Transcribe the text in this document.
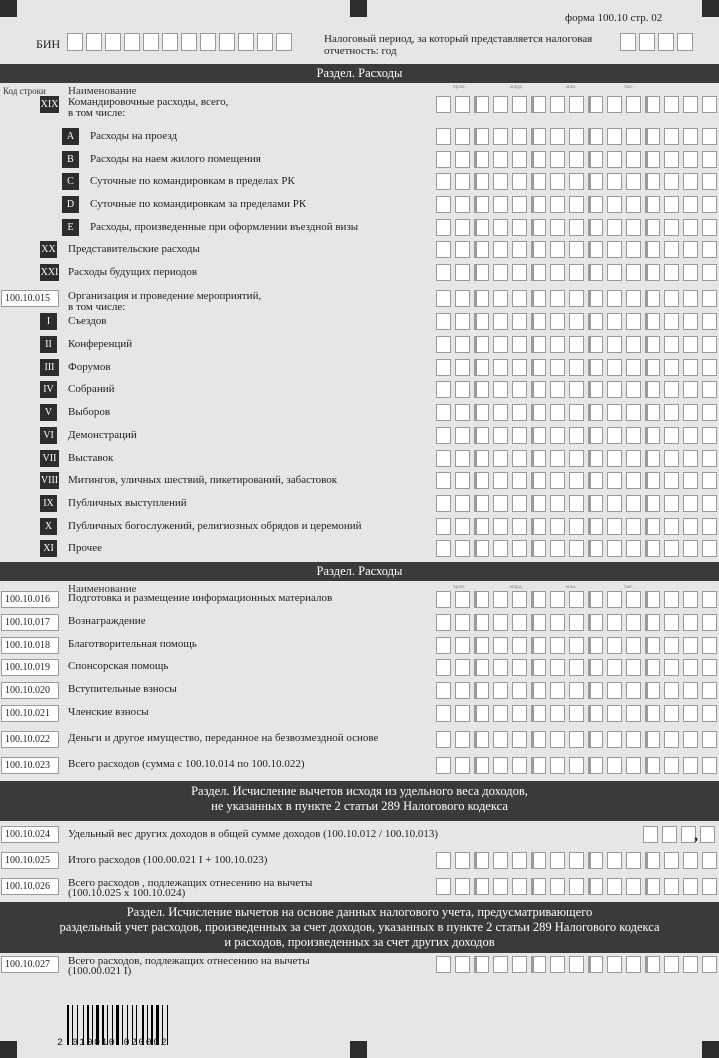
форма 100.10 стр. 02
БИН	Налоговый период, за который представляется налоговая
отчетность: год
Раздел. Расходы
Код строки Наименование	трлн.	млрд.	млн.	тыс.
XIX Командировочные расходы, всего,
в том числе:
A	Расходы на проезд
B	Расходы на наем жилого помещения
C	Суточные по командировкам в пределах РК
D	Суточные по командировкам за пределами РК
E	Расходы, произведенные при оформлении въездной визы
XX Представительские расходы
XXI Расходы будущих периодов
100.10.015	Организация и проведение мероприятий,
в том числе:
I	Съездов
II	Конференций
III	Форумов
IV Собраний
V	Выборов
VI Демонстраций
VII Выставок
VIII Митингов, уличных шествий, пикетирований, забастовок
IX Публичных выступлений
X	Публичных богослужений, религиозных обрядов и церемоний
XI Прочее
Раздел. Расходы
Наименование	трлн.	млрд.	млн.	тыс.
100.10.016	Подготовка и размещение информационных материалов
100.10.017	Вознаграждение
100.10.018	Благотворительная помощь
100.10.019	Спонсорская помощь
100.10.020	Вступительные взносы
100.10.021	Членские взносы
100.10.022	Деньги и другое имущество, переданное на безвозмездной основе
100.10.023	Всего расходов (сумма с 100.10.014 по 100.10.022)
Раздел. Исчисление вычетов исходя из удельного веса доходов,
не указанных в пункте 2 статьи 289 Налогового кодекса
100.10.024	Удельный вес других доходов в общей сумме доходов (100.10.012 / 100.10.013)	,
100.10.025	Итого расходов (100.00.021 I + 100.10.023)
100.10.026	Всего расходов , подлежащих отнесению на вычеты
(100.10.025 x 100.10.024)
Раздел. Исчисление вычетов на основе данных налогового учета, предусматривающего
раздельный учет расходов, произведенных за счет доходов, указанных в пункте 2 статьи 289 Налогового кодекса
и расходов, произведенных за счет других доходов
100.10.027	Всего расходов, подлежащих отнесению на вычеты
(100.00.021 I)
2 010010 020002
